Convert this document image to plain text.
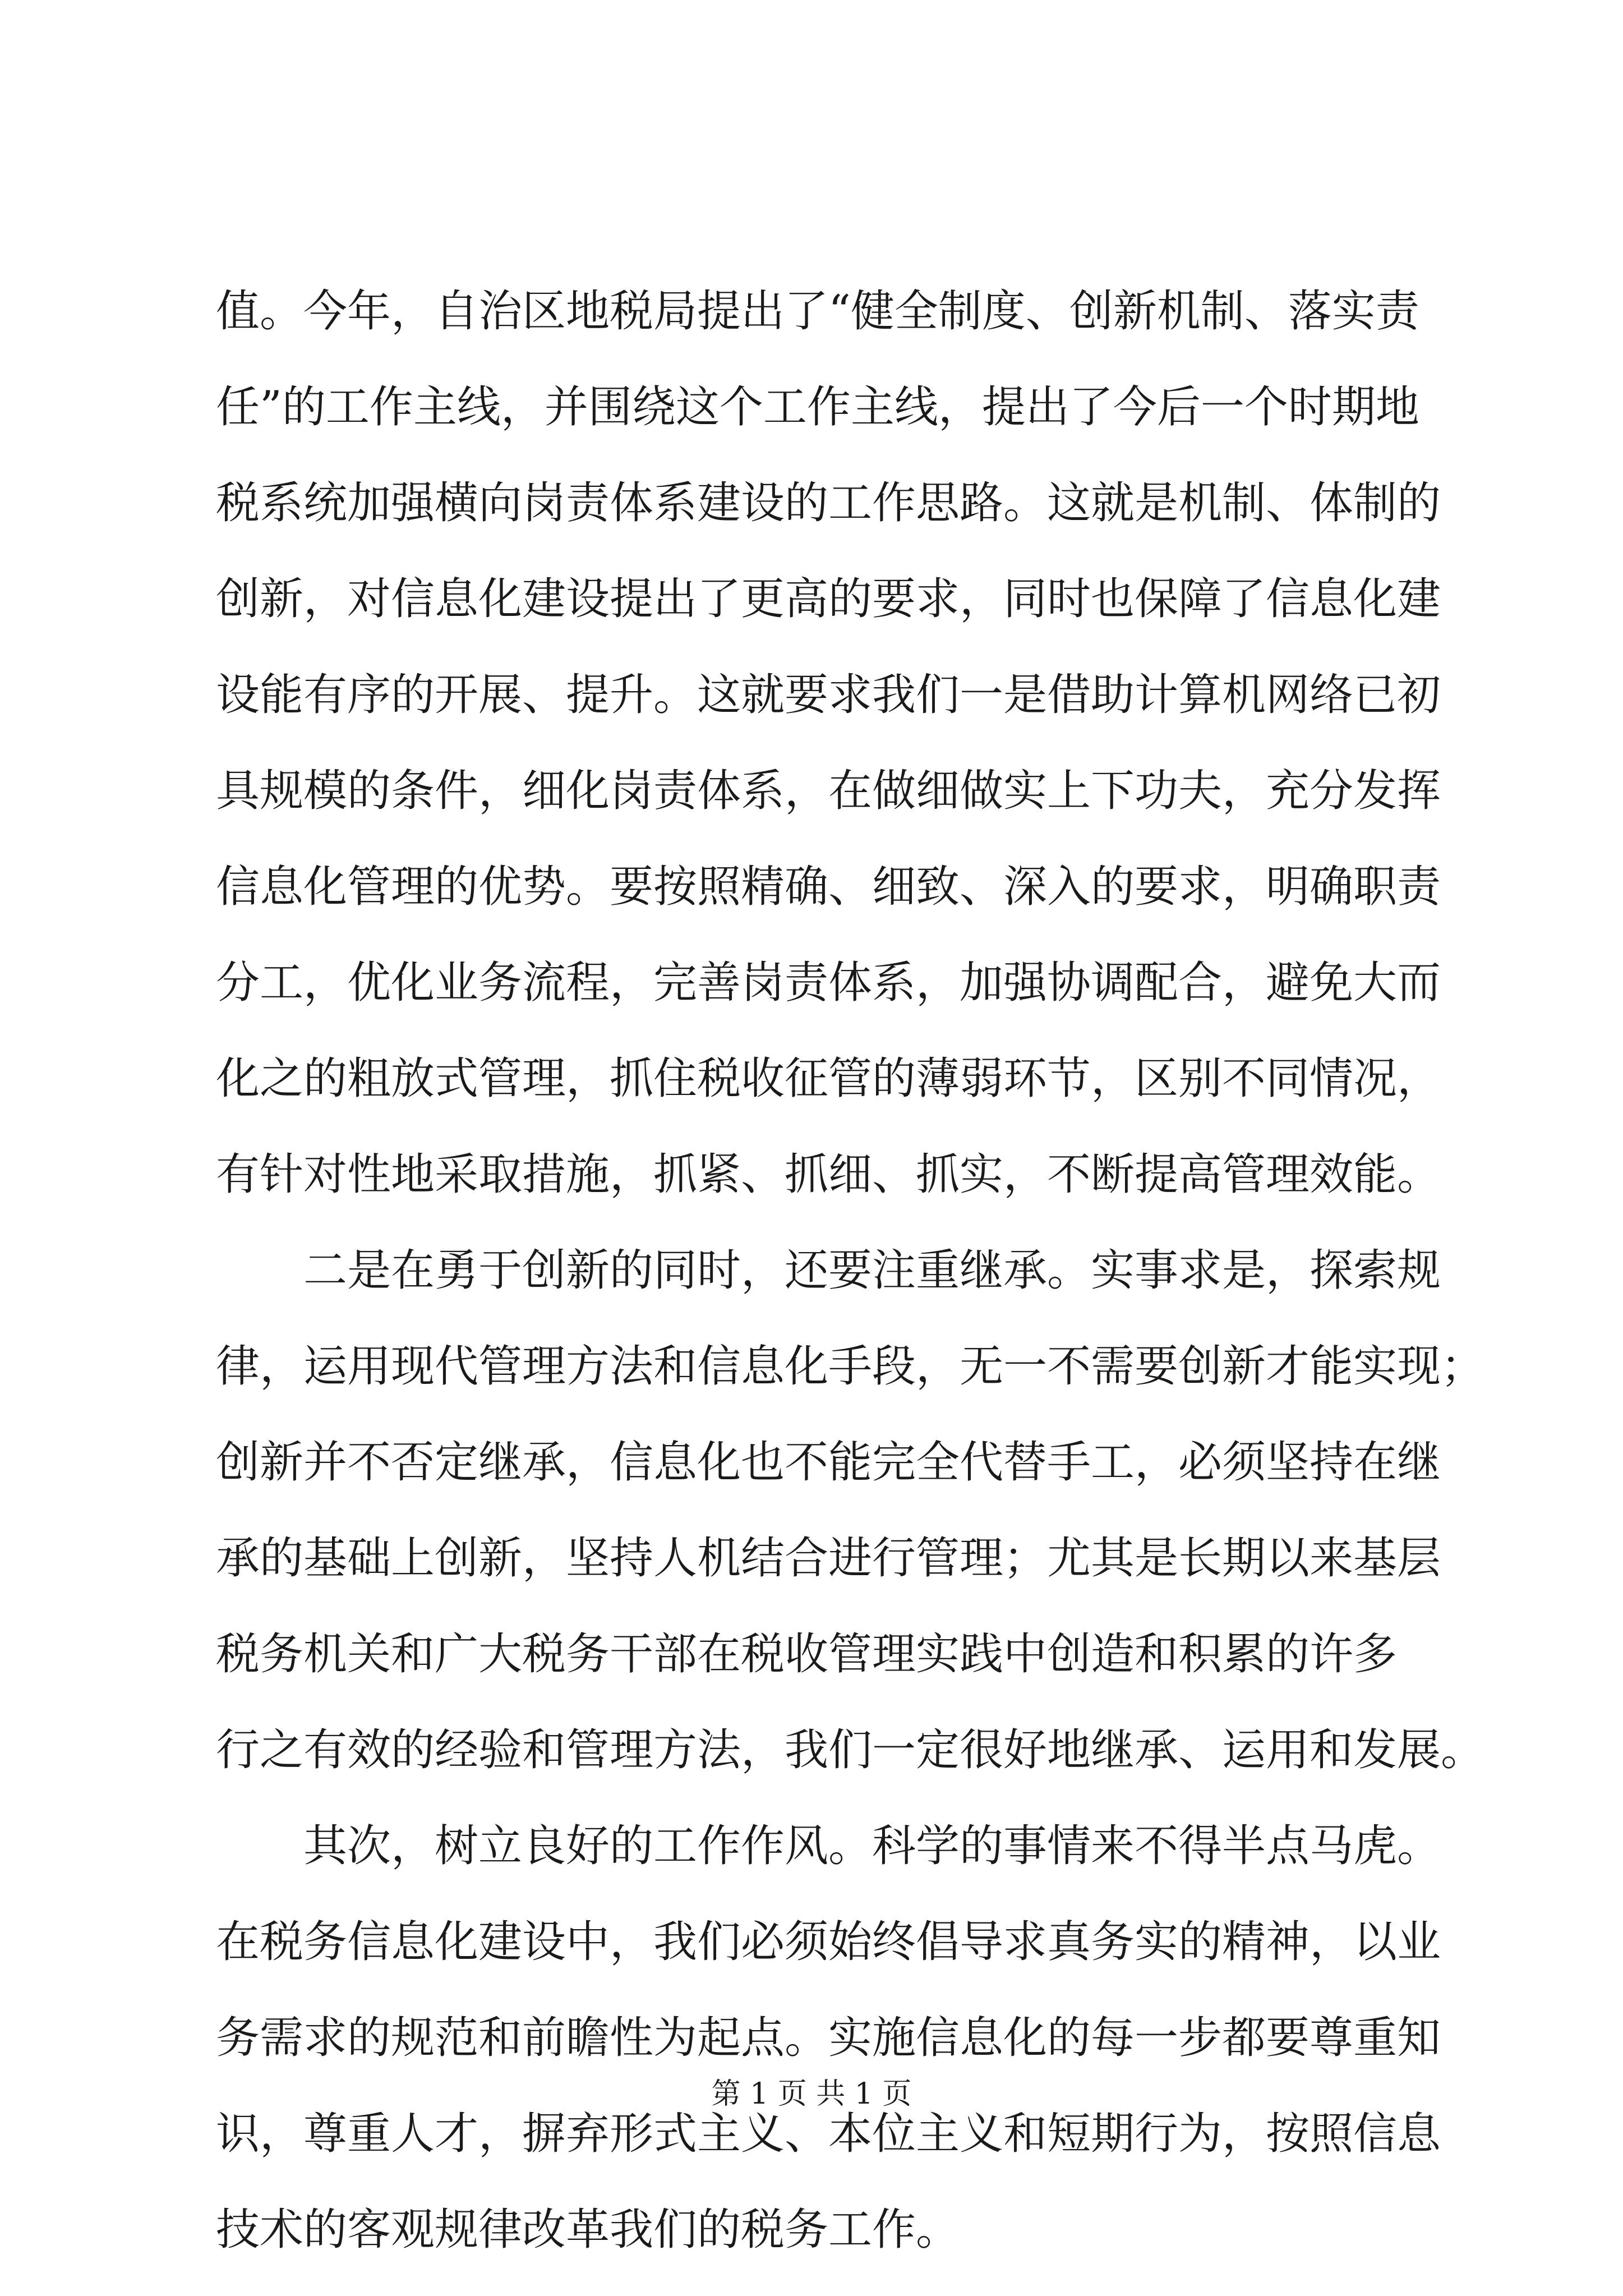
值。今年，自治区地税局提出了“健全制度、创新机制、落实责
任”的工作主线，并围绕这个工作主线，提出了今后一个时期地
税系统加强横向岗责体系建设的工作思路。这就是机制、体制的
创新，对信息化建设提出了更高的要求，同时也保障了信息化建
设能有序的开展、提升。这就要求我们一是借助计算机网络已初
具规模的条件，细化岗责体系，在做细做实上下功夫，充分发挥
信息化管理的优势。要按照精确、细致、深入的要求，明确职责
分工，优化业务流程，完善岗责体系，加强协调配合，避免大而
化之的粗放式管理，抓住税收征管的薄弱环节，区别不同情况，
有针对性地采取措施，抓紧、抓细、抓实，不断提高管理效能。
　　二是在勇于创新的同时，还要注重继承。实事求是，探索规
律，运用现代管理方法和信息化手段，无一不需要创新才能实现；
创新并不否定继承，信息化也不能完全代替手工，必须坚持在继
承的基础上创新，坚持人机结合进行管理；尤其是长期以来基层
税务机关和广大税务干部在税收管理实践中创造和积累的许多
行之有效的经验和管理方法，我们一定很好地继承、运用和发展。
　　其次，树立良好的工作作风。科学的事情来不得半点马虎。
在税务信息化建设中，我们必须始终倡导求真务实的精神，以业
务需求的规范和前瞻性为起点。实施信息化的每一步都要尊重知
识，尊重人才，摒弃形式主义、本位主义和短期行为，按照信息
技术的客观规律改革我们的税务工作。
第 1 页 共 1 页
